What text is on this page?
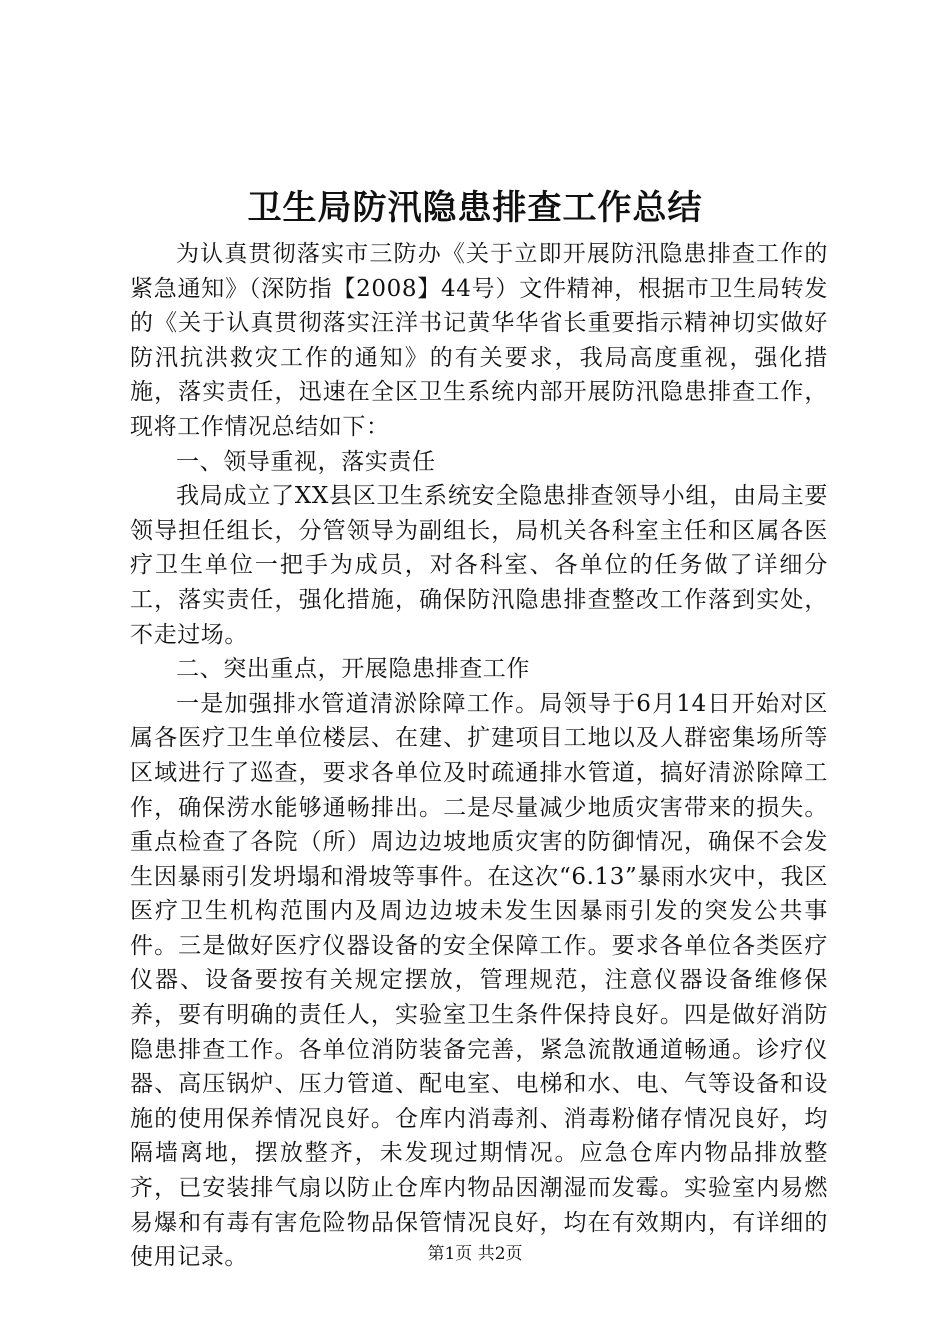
卫生局防汛隐患排查工作总结

为认真贯彻落实市三防办《关于立即开展防汛隐患排查工作的紧急通知》（深防指【2008】44号）文件精神，根据市卫生局转发的《关于认真贯彻落实汪洋书记黄华华省长重要指示精神切实做好防汛抗洪救灾工作的通知》的有关要求，我局高度重视，强化措施，落实责任，迅速在全区卫生系统内部开展防汛隐患排查工作，现将工作情况总结如下：

一、领导重视，落实责任

我局成立了XX县区卫生系统安全隐患排查领导小组，由局主要领导担任组长，分管领导为副组长，局机关各科室主任和区属各医疗卫生单位一把手为成员，对各科室、各单位的任务做了详细分工，落实责任，强化措施，确保防汛隐患排查整改工作落到实处，不走过场。

二、突出重点，开展隐患排查工作

一是加强排水管道清淤除障工作。局领导于6月14日开始对区属各医疗卫生单位楼层、在建、扩建项目工地以及人群密集场所等区域进行了巡查，要求各单位及时疏通排水管道，搞好清淤除障工作，确保涝水能够通畅排出。二是尽量减少地质灾害带来的损失。重点检查了各院（所）周边边坡地质灾害的防御情况，确保不会发生因暴雨引发坍塌和滑坡等事件。在这次“6.13”暴雨水灾中，我区医疗卫生机构范围内及周边边坡未发生因暴雨引发的突发公共事件。三是做好医疗仪器设备的安全保障工作。要求各单位各类医疗仪器、设备要按有关规定摆放，管理规范，注意仪器设备维修保养，要有明确的责任人，实验室卫生条件保持良好。四是做好消防隐患排查工作。各单位消防装备完善，紧急流散通道畅通。诊疗仪器、高压锅炉、压力管道、配电室、电梯和水、电、气等设备和设施的使用保养情况良好。仓库内消毒剂、消毒粉储存情况良好，均隔墙离地，摆放整齐，未发现过期情况。应急仓库内物品排放整齐，已安装排气扇以防止仓库内物品因潮湿而发霉。实验室内易燃易爆和有毒有害危险物品保管情况良好，均在有效期内，有详细的使用记录。	第1页 共2页
